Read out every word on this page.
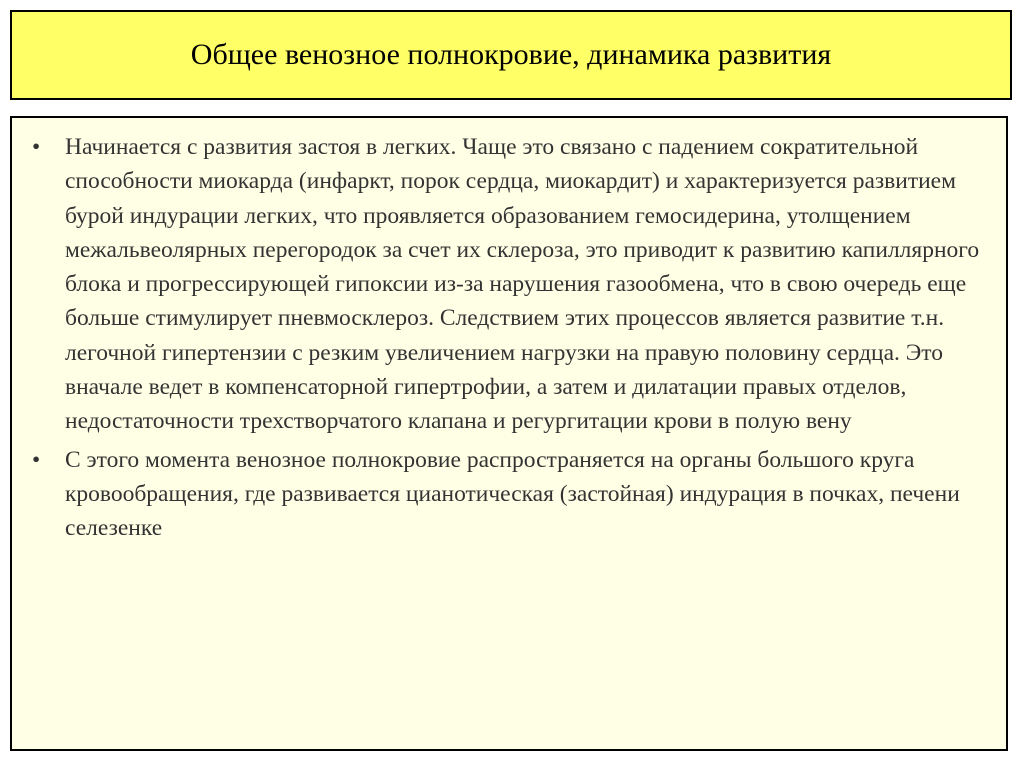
Общее венозное полнокровие, динамика развития
•	Начинается с развития застоя в легких. Чаще это связано с падением сократительной способности миокарда (инфаркт, порок сердца, миокардит) и характеризуется развитием бурой индурации легких, что проявляется образованием гемосидерина, утолщением межальвеолярных перегородок за счет их склероза, это приводит к развитию капиллярного блока и прогрессирующей гипоксии из-за нарушения газообмена, что в свою очередь еще больше стимулирует пневмосклероз. Следствием этих процессов является развитие т.н. легочной гипертензии с резким увеличением нагрузки на правую половину сердца. Это вначале ведет в компенсаторной гипертрофии, а затем и дилатации правых отделов, недостаточности трехстворчатого клапана и регургитации крови в полую вену
•	С этого момента венозное полнокровие распространяется на органы большого круга кровообращения, где развивается цианотическая (застойная) индурация в почках, печени селезенке
